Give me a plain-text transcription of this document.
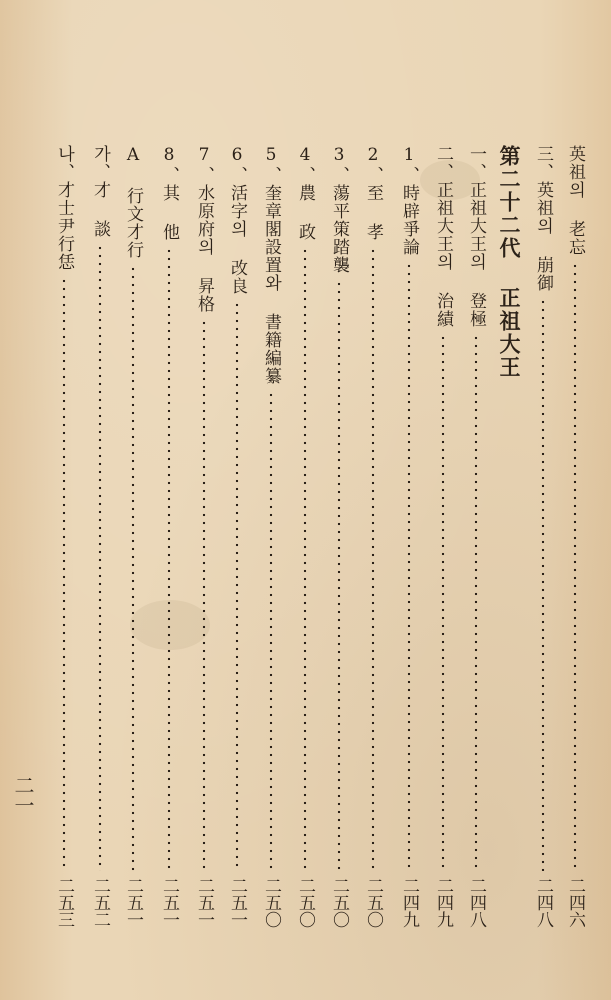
英祖의 老忘
二四六
三、英祖의 崩御
二四八
第二十二代 正祖大王
一、正祖大王의 登極
二四八
二、正祖大王의 治績
二四九
1、時辟爭論
二四九
2、至 孝
二五〇
3、蕩平策踏襲
二五〇
4、農 政
二五〇
5、奎章閣設置와 書籍編纂
二五〇
6、活字의 改良
二五一
7、水原府의 昇格
二五一
8、其 他
二五一
A 行文才行
二五一
가、才 談
二五二
나、才士尹行恁
二五三
二一
